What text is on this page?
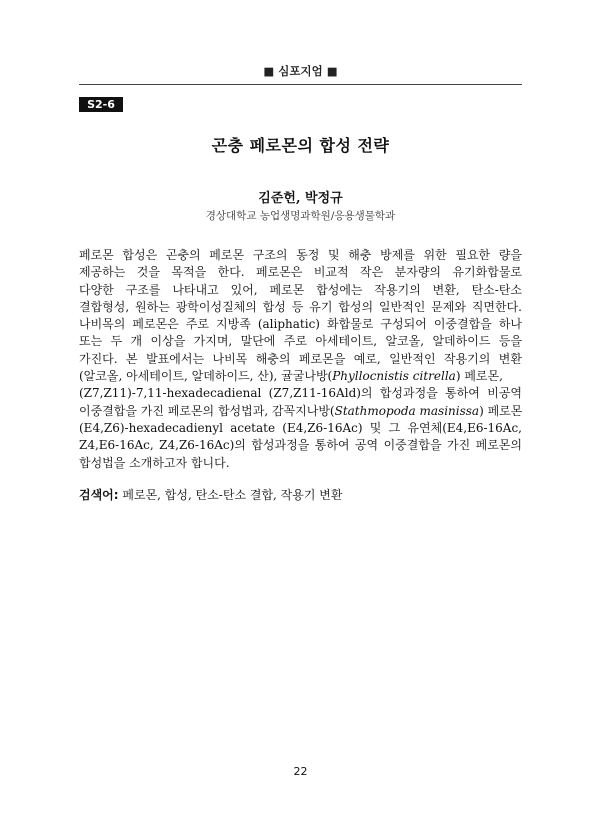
■ 심포지엄 ■
S2-6
곤충 페로몬의 합성 전략
김준헌, 박정규
경상대학교 농업생명과학원/응용생물학과
페로몬 합성은 곤충의 페로몬 구조의 동정 및 해충 방제를 위한 필요한 량을
제공하는 것을 목적을 한다. 페로몬은 비교적 작은 분자량의 유기화합물로
다양한 구조를 나타내고 있어, 페로몬 합성에는 작용기의 변환, 탄소-탄소
결합형성, 원하는 광학이성질체의 합성 등 유기 합성의 일반적인 문제와 직면한다.
나비목의 페로몬은 주로 지방족 (aliphatic) 화합물로 구성되어 이중결합을 하나
또는 두 개 이상을 가지며, 말단에 주로 아세테이트, 알코올, 알데하이드 등을
가진다. 본 발표에서는 나비목 해충의 페로몬을 예로, 일반적인 작용기의 변환
(알코올, 아세테이트, 알데하이드, 산), 귤굴나방(Phyllocnistis citrella) 페로몬,
(Z7,Z11)-7,11-hexadecadienal (Z7,Z11-16Ald)의 합성과정을 통하여 비공역
이중결합을 가진 페로몬의 합성법과, 감꼭지나방(Stathmopoda masinissa) 페로몬
(E4,Z6)-hexadecadienyl acetate (E4,Z6-16Ac) 및 그 유연체(E4,E6-16Ac,
Z4,E6-16Ac, Z4,Z6-16Ac)의 합성과정을 통하여 공역 이중결합을 가진 페로몬의
합성법을 소개하고자 합니다.
검색어: 페로몬, 합성, 탄소-탄소 결합, 작용기 변환
22
